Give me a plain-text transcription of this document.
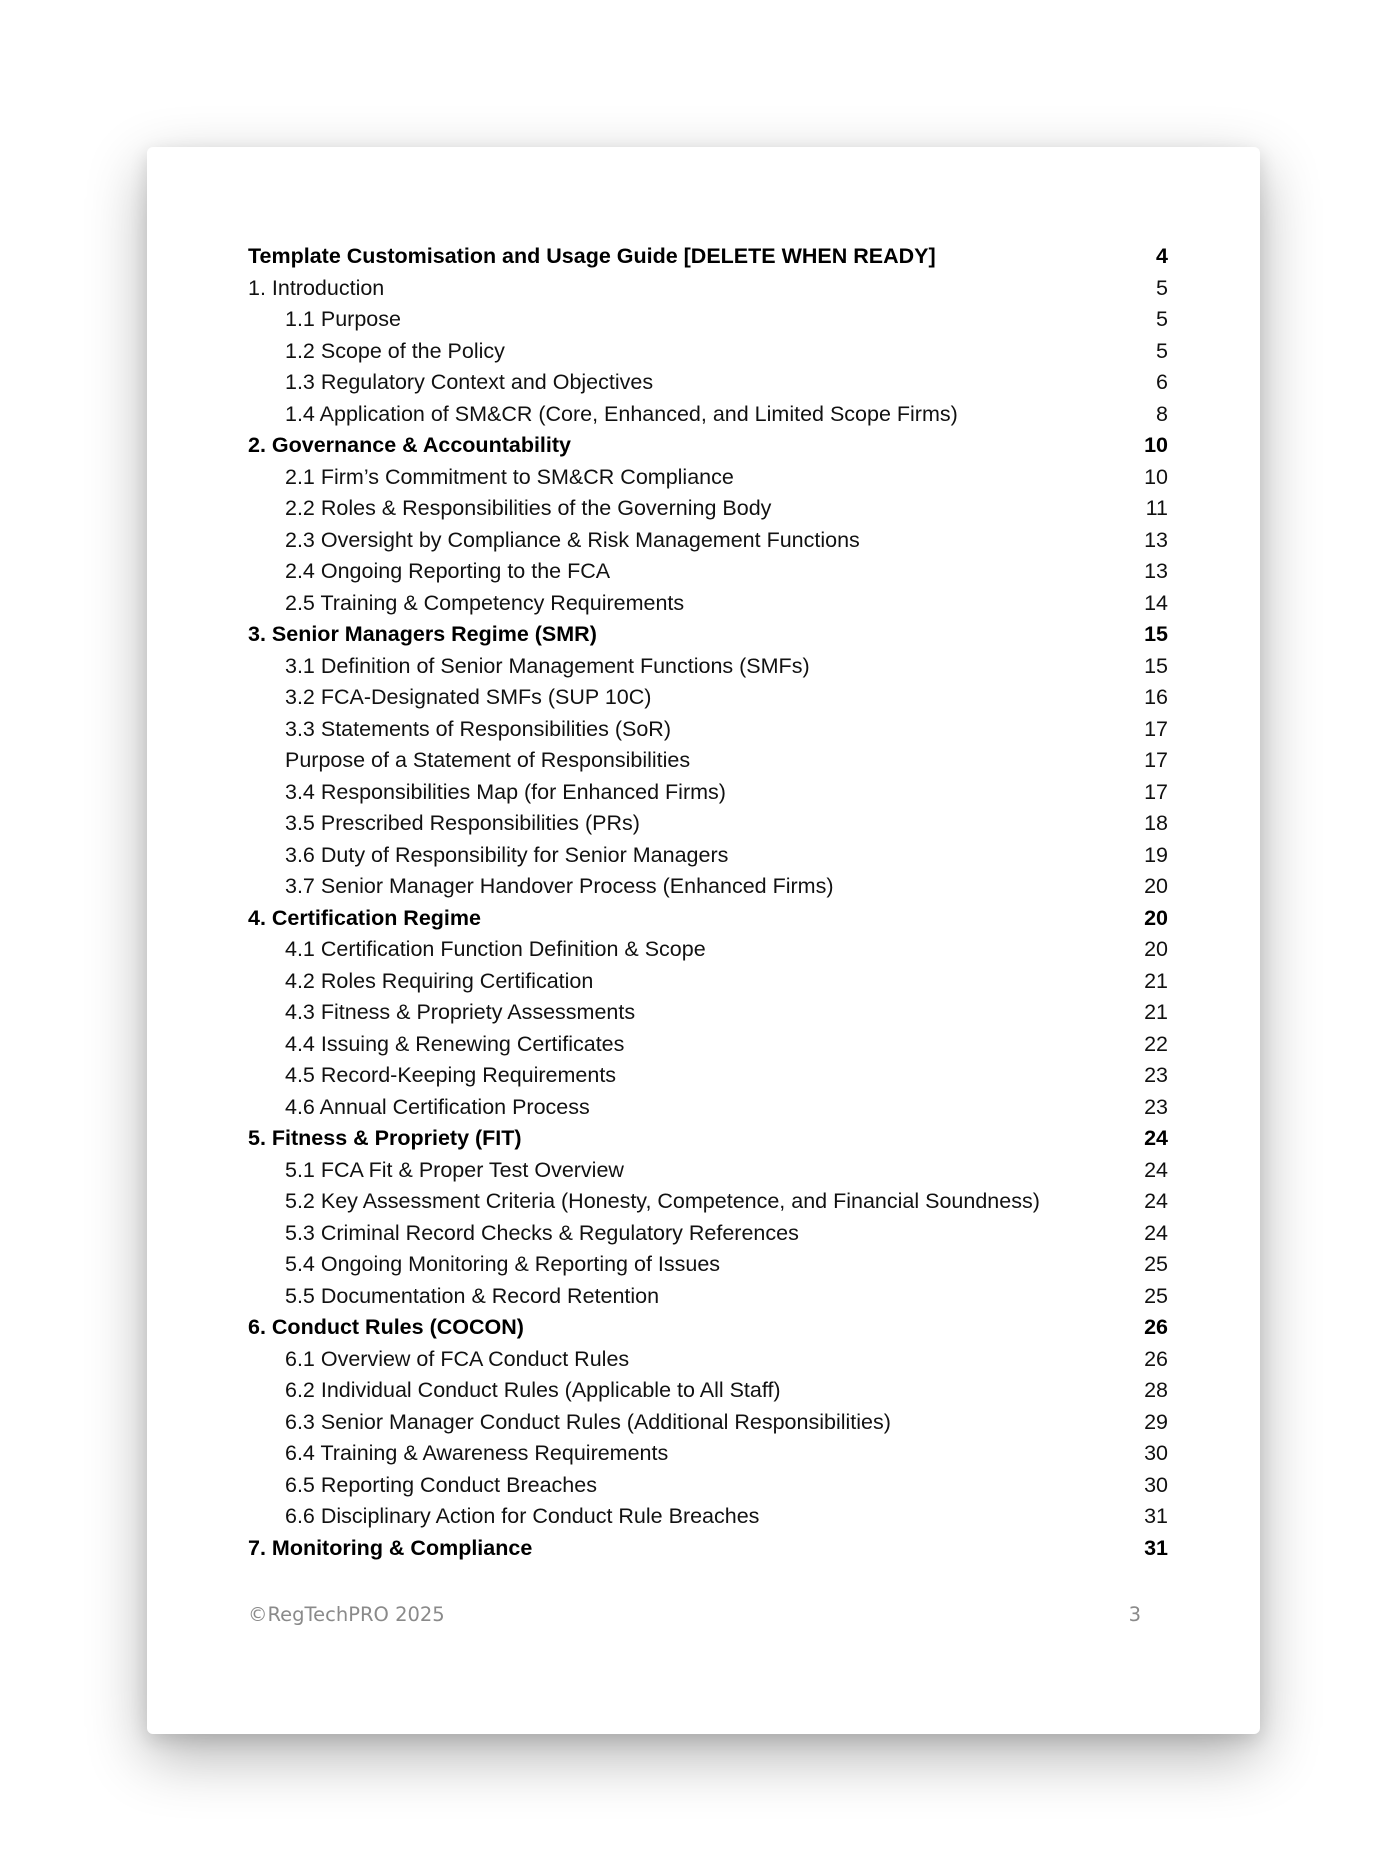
Template Customisation and Usage Guide [DELETE WHEN READY]	4
1. Introduction	5
1.1 Purpose	5
1.2 Scope of the Policy	5
1.3 Regulatory Context and Objectives	6
1.4 Application of SM&CR (Core, Enhanced, and Limited Scope Firms)	8
2. Governance & Accountability	10
2.1 Firm’s Commitment to SM&CR Compliance	10
2.2 Roles & Responsibilities of the Governing Body	11
2.3 Oversight by Compliance & Risk Management Functions	13
2.4 Ongoing Reporting to the FCA	13
2.5 Training & Competency Requirements	14
3. Senior Managers Regime (SMR)	15
3.1 Definition of Senior Management Functions (SMFs)	15
3.2 FCA-Designated SMFs (SUP 10C)	16
3.3 Statements of Responsibilities (SoR)	17
Purpose of a Statement of Responsibilities	17
3.4 Responsibilities Map (for Enhanced Firms)	17
3.5 Prescribed Responsibilities (PRs)	18
3.6 Duty of Responsibility for Senior Managers	19
3.7 Senior Manager Handover Process (Enhanced Firms)	20
4. Certification Regime	20
4.1 Certification Function Definition & Scope	20
4.2 Roles Requiring Certification	21
4.3 Fitness & Propriety Assessments	21
4.4 Issuing & Renewing Certificates	22
4.5 Record-Keeping Requirements	23
4.6 Annual Certification Process	23
5. Fitness & Propriety (FIT)	24
5.1 FCA Fit & Proper Test Overview	24
5.2 Key Assessment Criteria (Honesty, Competence, and Financial Soundness)	24
5.3 Criminal Record Checks & Regulatory References	24
5.4 Ongoing Monitoring & Reporting of Issues	25
5.5 Documentation & Record Retention	25
6. Conduct Rules (COCON)	26
6.1 Overview of FCA Conduct Rules	26
6.2 Individual Conduct Rules (Applicable to All Staff)	28
6.3 Senior Manager Conduct Rules (Additional Responsibilities)	29
6.4 Training & Awareness Requirements	30
6.5 Reporting Conduct Breaches	30
6.6 Disciplinary Action for Conduct Rule Breaches	31
7. Monitoring & Compliance	31
©RegTechPRO 2025	3
